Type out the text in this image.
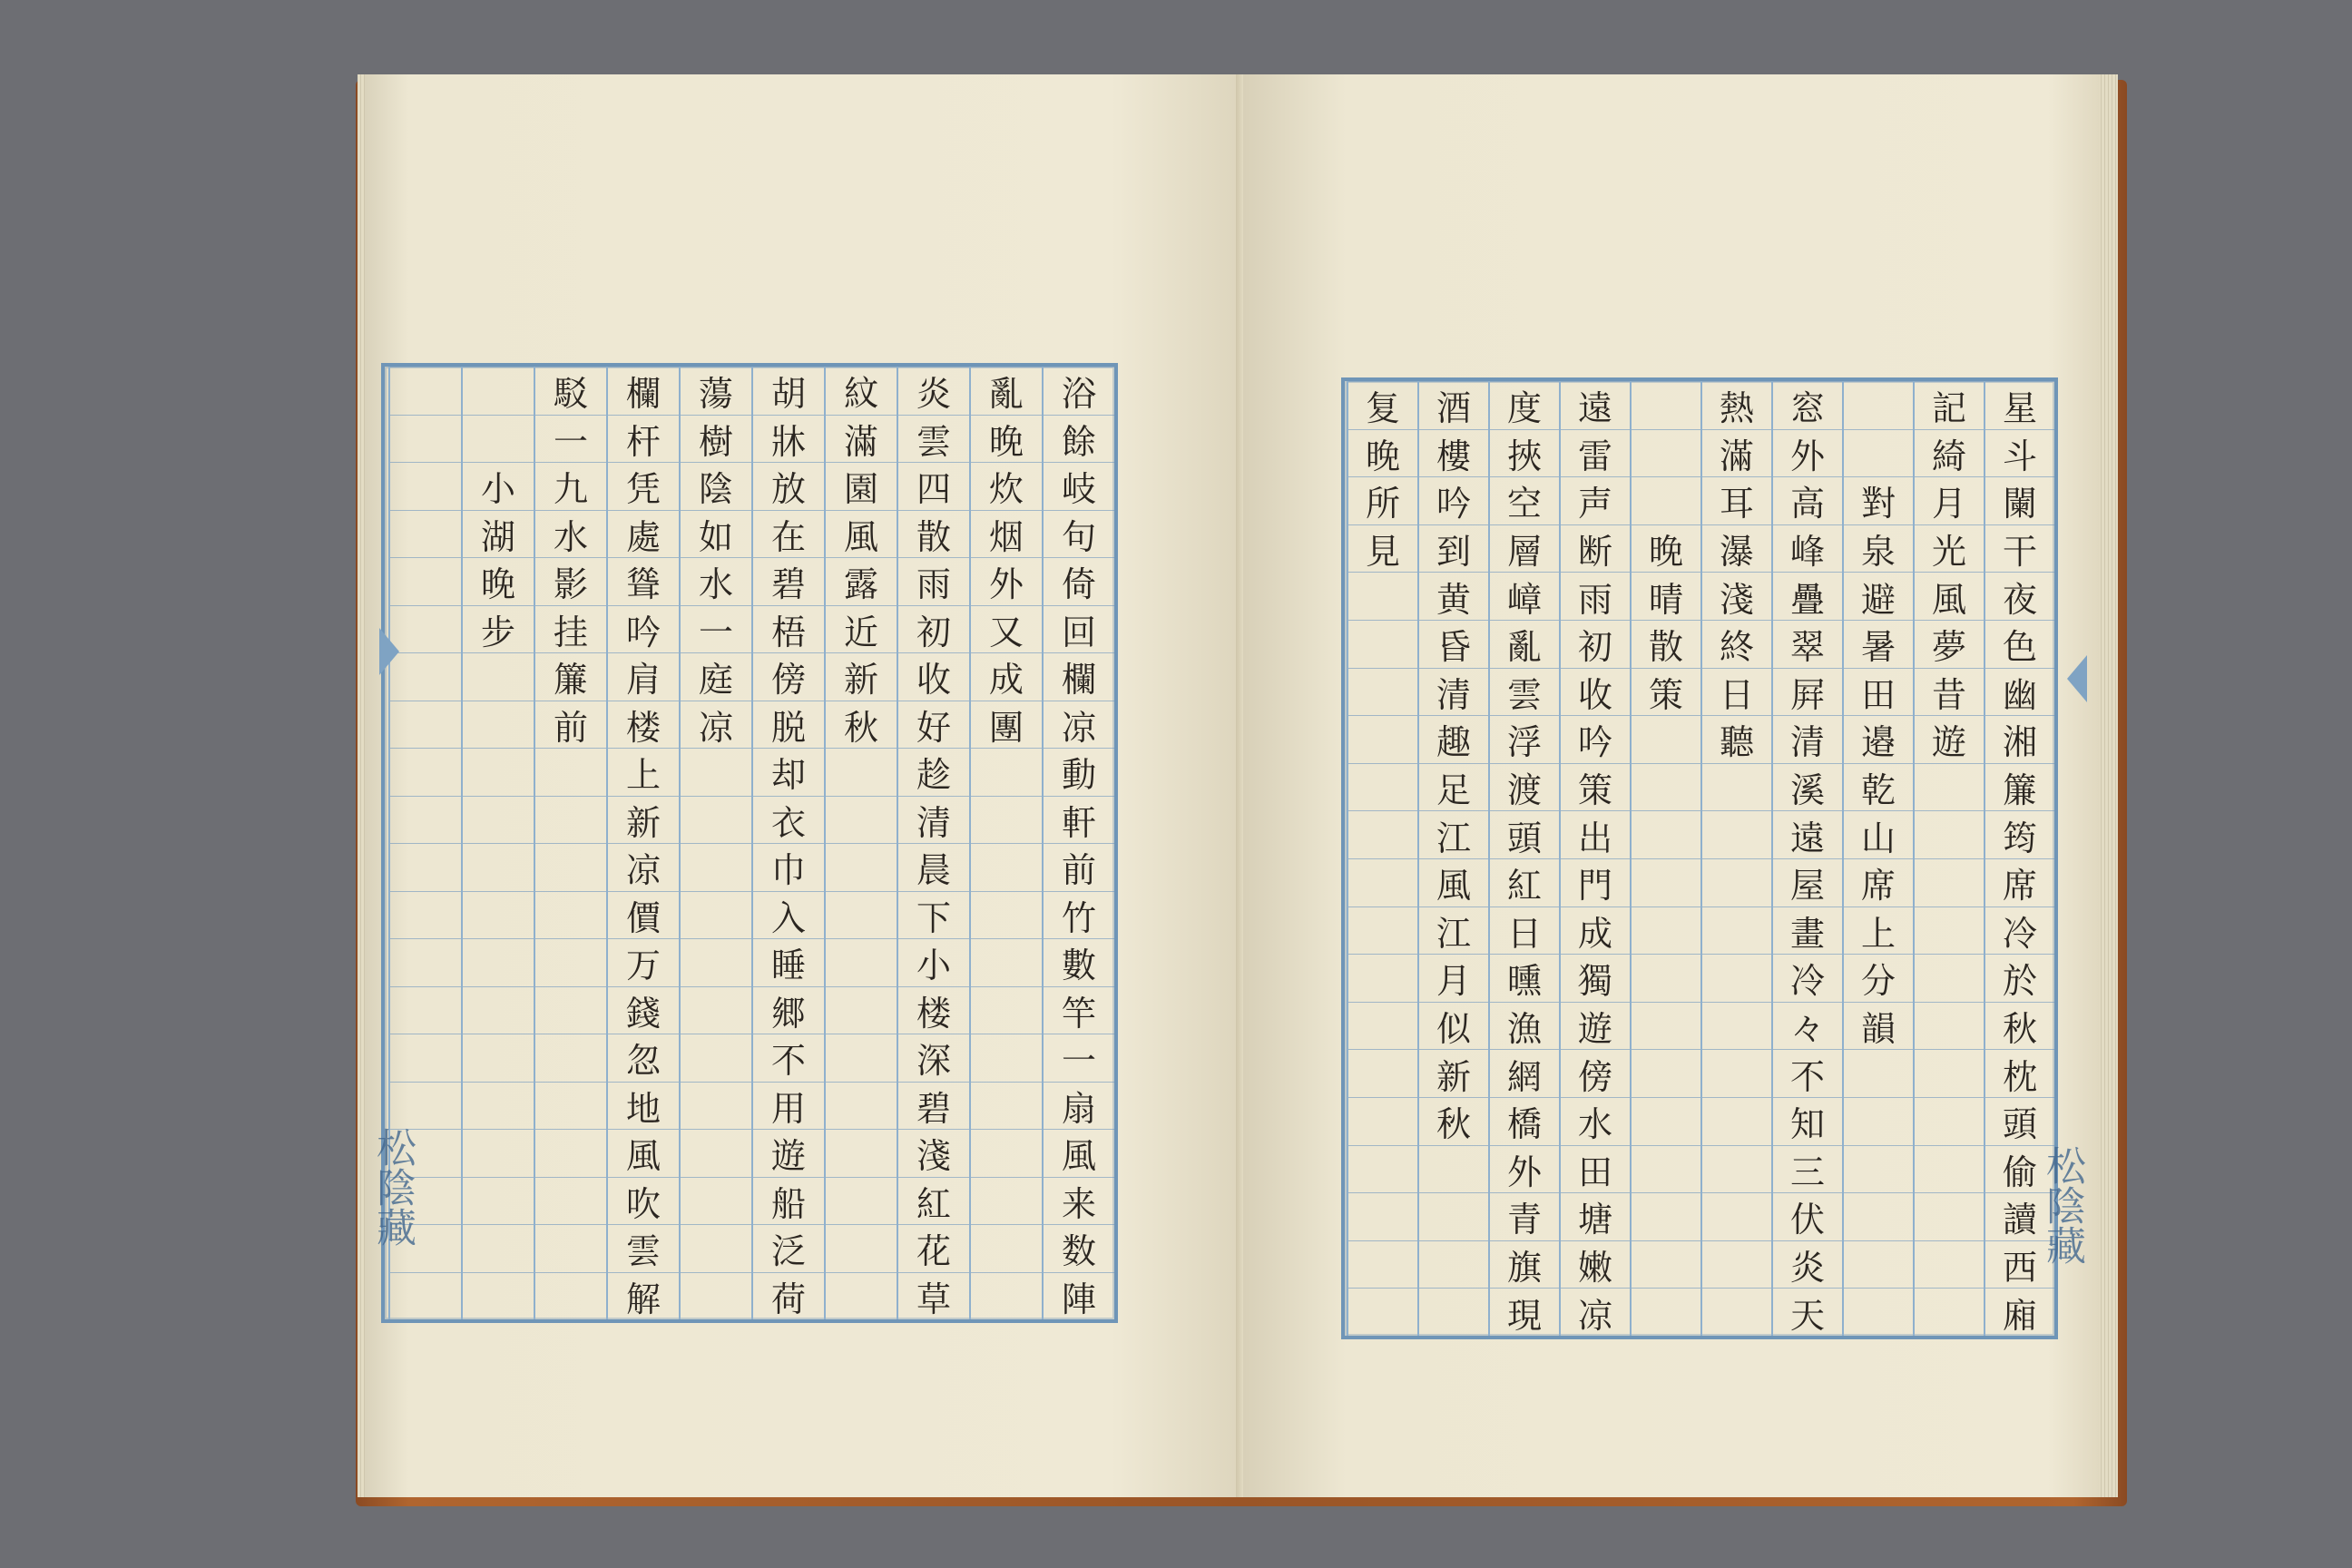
浴
餘
岐
句
倚
回
欄
凉
動
軒
前
竹
數
竿
一
扇
風
来
数
陣
亂
晚
炊
烟
外
又
成
團
炎
雲
四
散
雨
初
收
好
趁
清
晨
下
小
楼
深
碧
淺
紅
花
草
紋
滿
園
風
露
近
新
秋
胡
牀
放
在
碧
梧
傍
脱
却
衣
巾
入
睡
郷
不
用
遊
船
泛
荷
蕩
樹
陰
如
水
一
庭
凉
欄
杆
凭
處
聳
吟
肩
楼
上
新
凉
價
万
錢
忽
地
風
吹
雲
解
駁
一
九
水
影
挂
簾
前
小
湖
晚
步
松陰藏
星
斗
闌
干
夜
色
幽
湘
簾
筠
席
冷
於
秋
枕
頭
偷
讀
西
廂
記
綺
月
光
風
夢
昔
遊
對
泉
避
暑
田
邉
乾
山
席
上
分
韻
窓
外
高
峰
疊
翠
屛
清
溪
遠
屋
畫
冷
々
不
知
三
伏
炎
天
熱
滿
耳
瀑
淺
終
日
聽
晚
晴
散
策
遠
雷
声
断
雨
初
收
吟
策
出
門
成
獨
遊
傍
水
田
塘
嫩
凉
度
挾
空
層
嶂
亂
雲
浮
渡
頭
紅
日
曛
漁
網
橋
外
青
旗
現
酒
樓
吟
到
黄
昏
清
趣
足
江
風
江
月
似
新
秋
复
晚
所
見
松陰藏
